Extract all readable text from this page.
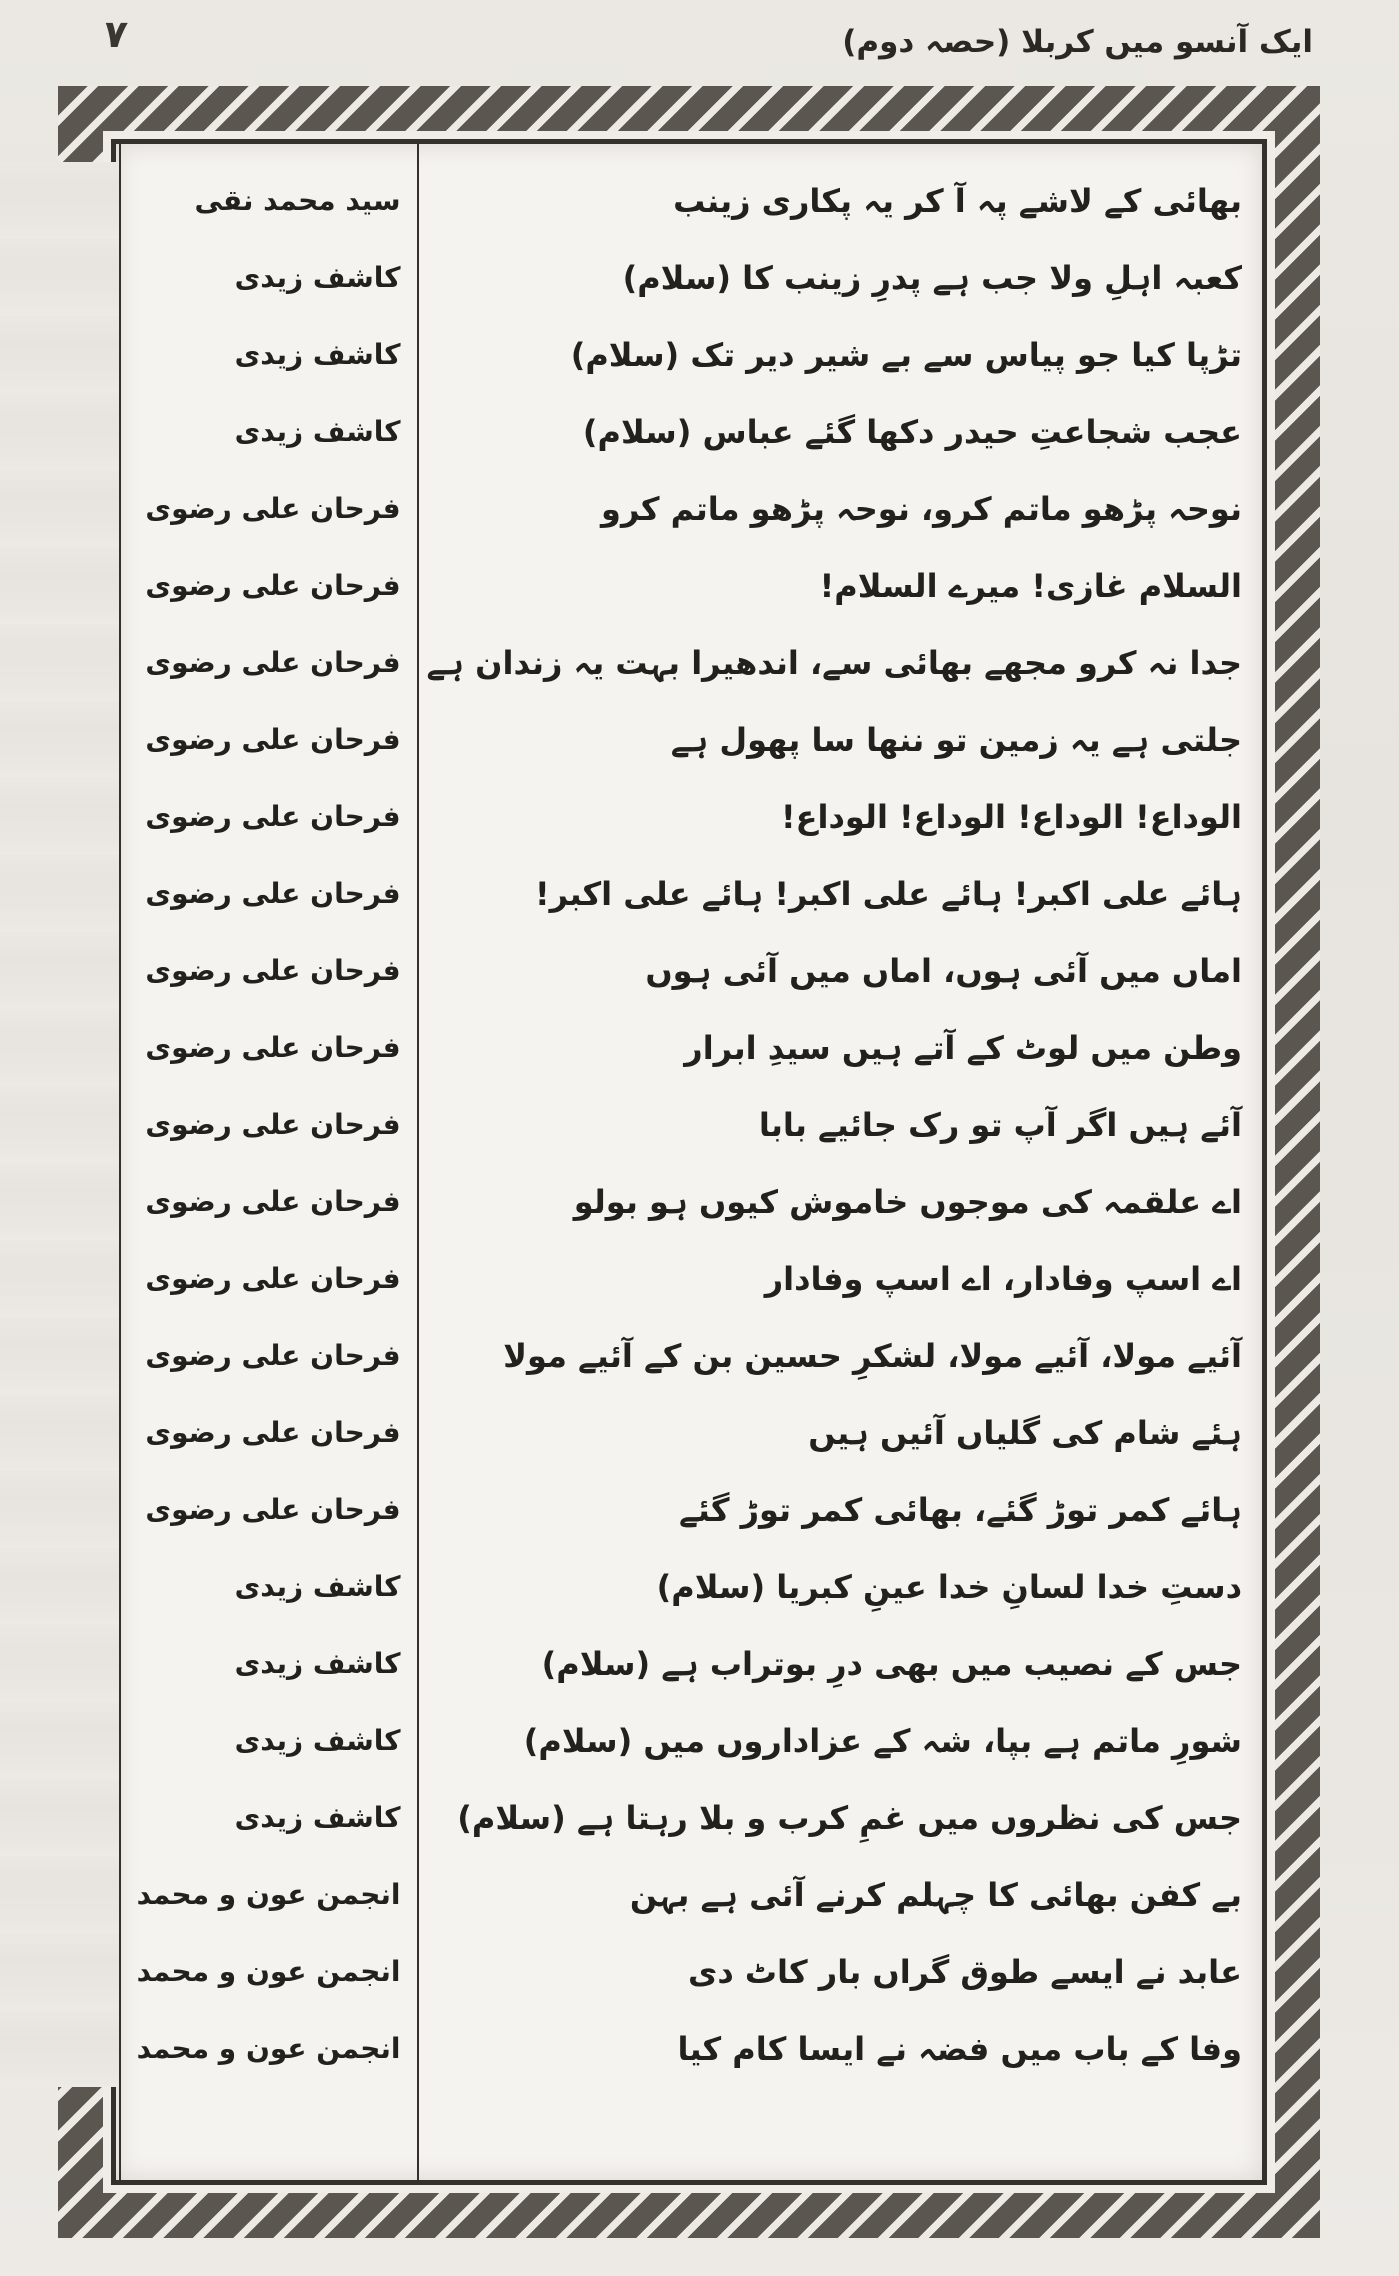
۷	ایک آنسو میں کربلا (حصہ دوم)
بھائی کے لاشے پہ آ کر یہ پکاری زینب
کعبہ اہلِ ولا جب ہے پدرِ زینب کا (سلام)
تڑپا کیا جو پیاس سے بے شیر دیر تک (سلام)
عجب شجاعتِ حیدر دکھا گئے عباس (سلام)
نوحہ پڑھو ماتم کرو، نوحہ پڑھو ماتم کرو
السلام غازی! میرے السلام!
جدا نہ کرو مجھے بھائی سے، اندھیرا بہت یہ زندان ہے
جلتی ہے یہ زمین تو ننھا سا پھول ہے
الوداع! الوداع! الوداع! الوداع!
ہائے علی اکبر! ہائے علی اکبر! ہائے علی اکبر!
اماں میں آئی ہوں، اماں میں آئی ہوں
وطن میں لوٹ کے آتے ہیں سیدِ ابرار
آئے ہیں اگر آپ تو رک جائیے بابا
اے علقمہ کی موجوں خاموش کیوں ہو بولو
اے اسپ وفادار، اے اسپ وفادار
آئیے مولا، آئیے مولا، لشکرِ حسین بن کے آئیے مولا
ہئے شام کی گلیاں آئیں ہیں
ہائے کمر توڑ گئے، بھائی کمر توڑ گئے
دستِ خدا لسانِ خدا عینِ کبریا (سلام)
جس کے نصیب میں بھی درِ بوتراب ہے (سلام)
شورِ ماتم ہے بپا، شہ کے عزاداروں میں (سلام)
جس کی نظروں میں غمِ کرب و بلا رہتا ہے (سلام)
بے کفن بھائی کا چہلم کرنے آئی ہے بہن
عابد نے ایسے طوق گراں بار کاٹ دی
وفا کے باب میں فضہ نے ایسا کام کیا
سید محمد نقی
کاشف زیدی
کاشف زیدی
کاشف زیدی
فرحان علی رضوی
فرحان علی رضوی
فرحان علی رضوی
فرحان علی رضوی
فرحان علی رضوی
فرحان علی رضوی
فرحان علی رضوی
فرحان علی رضوی
فرحان علی رضوی
فرحان علی رضوی
فرحان علی رضوی
فرحان علی رضوی
فرحان علی رضوی
فرحان علی رضوی
کاشف زیدی
کاشف زیدی
کاشف زیدی
کاشف زیدی
انجمن عون و محمد
انجمن عون و محمد
انجمن عون و محمد
